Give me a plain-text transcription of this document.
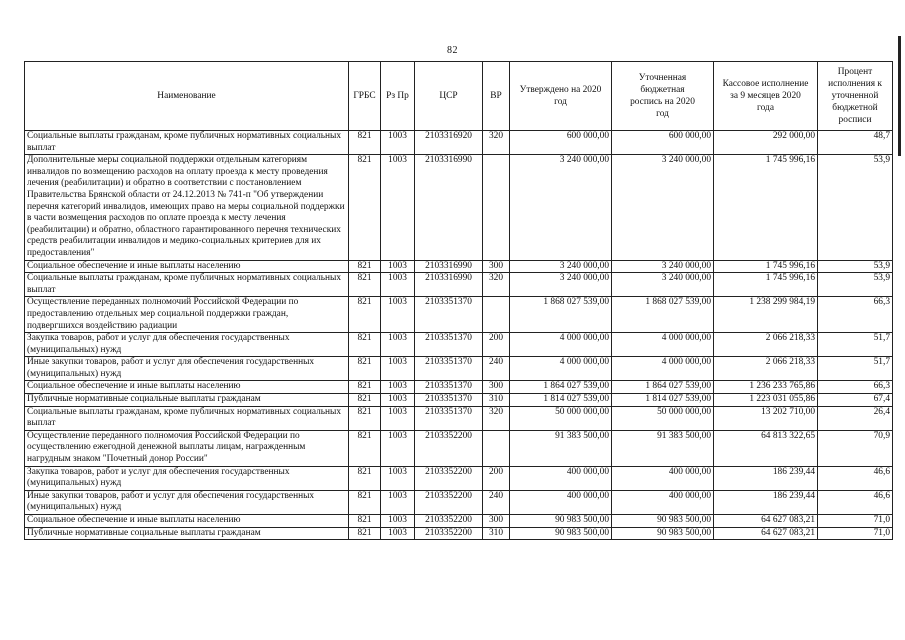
82
Наименование	ГРБС	Рз Пр	ЦСР	ВР	Утверждено на 2020 год	Уточненная бюджетная роспись на 2020 год	Кассовое исполнение за 9 месяцев 2020 года	Процент исполнения к уточненной бюджетной росписи
Социальные выплаты гражданам, кроме публичных нормативных социальных выплат	821	1003	2103316920	320	600 000,00	600 000,00	292 000,00	48,7
Дополнительные меры социальной поддержки отдельным категориям инвалидов по возмещению расходов на оплату проезда к месту проведения лечения (реабилитации) и обратно в соответствии с постановлением Правительства Брянской области от 24.12.2013 № 741-п "Об утверждении перечня категорий инвалидов, имеющих право на меры социальной поддержки в части возмещения расходов по оплате проезда к месту лечения (реабилитации) и обратно, областного гарантированного перечня технических средств реабилитации инвалидов и медико-социальных критериев для их предоставления"	821	1003	2103316990		3 240 000,00	3 240 000,00	1 745 996,16	53,9
Социальное обеспечение и иные выплаты населению	821	1003	2103316990	300	3 240 000,00	3 240 000,00	1 745 996,16	53,9
Социальные выплаты гражданам, кроме публичных нормативных социальных выплат	821	1003	2103316990	320	3 240 000,00	3 240 000,00	1 745 996,16	53,9
Осуществление переданных полномочий Российской Федерации по предоставлению отдельных мер социальной поддержки граждан, подвергшихся воздействию радиации	821	1003	2103351370		1 868 027 539,00	1 868 027 539,00	1 238 299 984,19	66,3
Закупка товаров, работ и услуг для обеспечения государственных (муниципальных) нужд	821	1003	2103351370	200	4 000 000,00	4 000 000,00	2 066 218,33	51,7
Иные закупки товаров, работ и услуг для обеспечения государственных (муниципальных) нужд	821	1003	2103351370	240	4 000 000,00	4 000 000,00	2 066 218,33	51,7
Социальное обеспечение и иные выплаты населению	821	1003	2103351370	300	1 864 027 539,00	1 864 027 539,00	1 236 233 765,86	66,3
Публичные нормативные социальные выплаты гражданам	821	1003	2103351370	310	1 814 027 539,00	1 814 027 539,00	1 223 031 055,86	67,4
Социальные выплаты гражданам, кроме публичных нормативных социальных выплат	821	1003	2103351370	320	50 000 000,00	50 000 000,00	13 202 710,00	26,4
Осуществление переданного полномочия Российской Федерации по осуществлению ежегодной денежной выплаты лицам, награжденным нагрудным знаком "Почетный донор России"	821	1003	2103352200		91 383 500,00	91 383 500,00	64 813 322,65	70,9
Закупка товаров, работ и услуг для обеспечения государственных (муниципальных) нужд	821	1003	2103352200	200	400 000,00	400 000,00	186 239,44	46,6
Иные закупки товаров, работ и услуг для обеспечения государственных (муниципальных) нужд	821	1003	2103352200	240	400 000,00	400 000,00	186 239,44	46,6
Социальное обеспечение и иные выплаты населению	821	1003	2103352200	300	90 983 500,00	90 983 500,00	64 627 083,21	71,0
Публичные нормативные социальные выплаты гражданам	821	1003	2103352200	310	90 983 500,00	90 983 500,00	64 627 083,21	71,0
